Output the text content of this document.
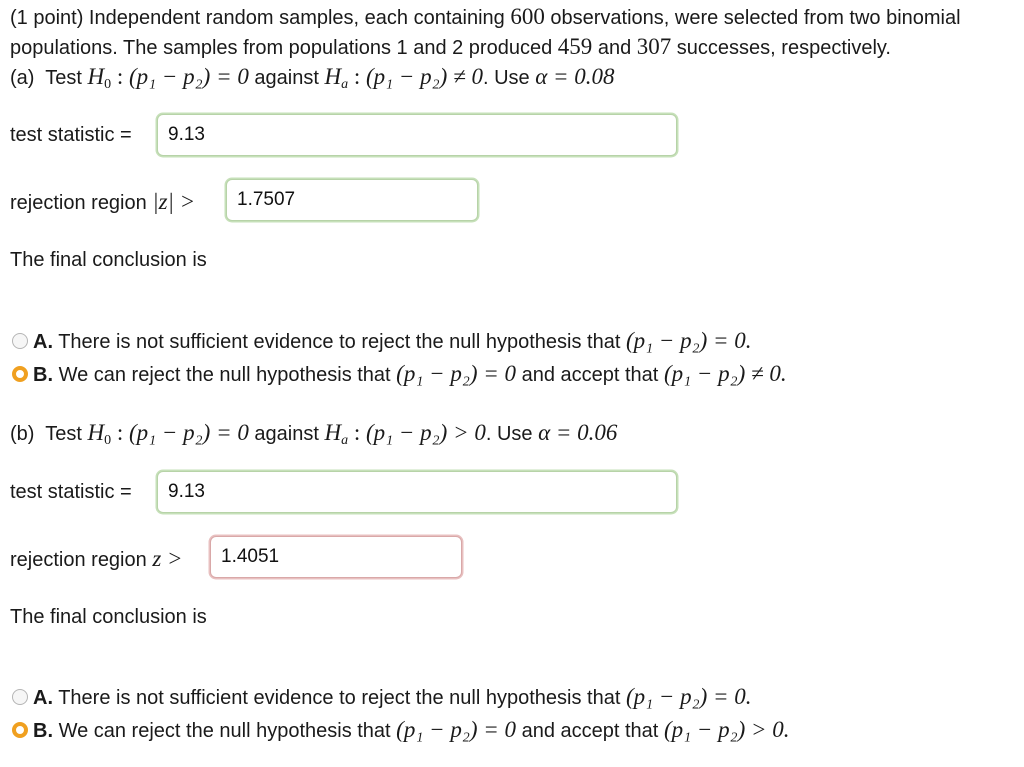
(1 point) Independent random samples, each containing 600 observations, were selected from two binomial
populations. The samples from populations 1 and 2 produced 459 and 307 successes, respectively.
(a) Test $H_0$ : (p₁ − p₂) = 0 against $H_a$ : (p₁ − p₂) ≠ 0. Use α = 0.08
test statistic =	9.13
rejection region |z| >	1.7507
The final conclusion is
A. There is not sufficient evidence to reject the null hypothesis that (p₁ − p₂) = 0.
B. We can reject the null hypothesis that (p₁ − p₂) = 0 and accept that (p₁ − p₂) ≠ 0.
(b) Test $H_0$ : (p₁ − p₂) = 0 against $H_a$ : (p₁ − p₂) > 0. Use α = 0.06
test statistic =	9.13
rejection region z >	1.4051
The final conclusion is
A. There is not sufficient evidence to reject the null hypothesis that (p₁ − p₂) = 0.
B. We can reject the null hypothesis that (p₁ − p₂) = 0 and accept that (p₁ − p₂) > 0.
